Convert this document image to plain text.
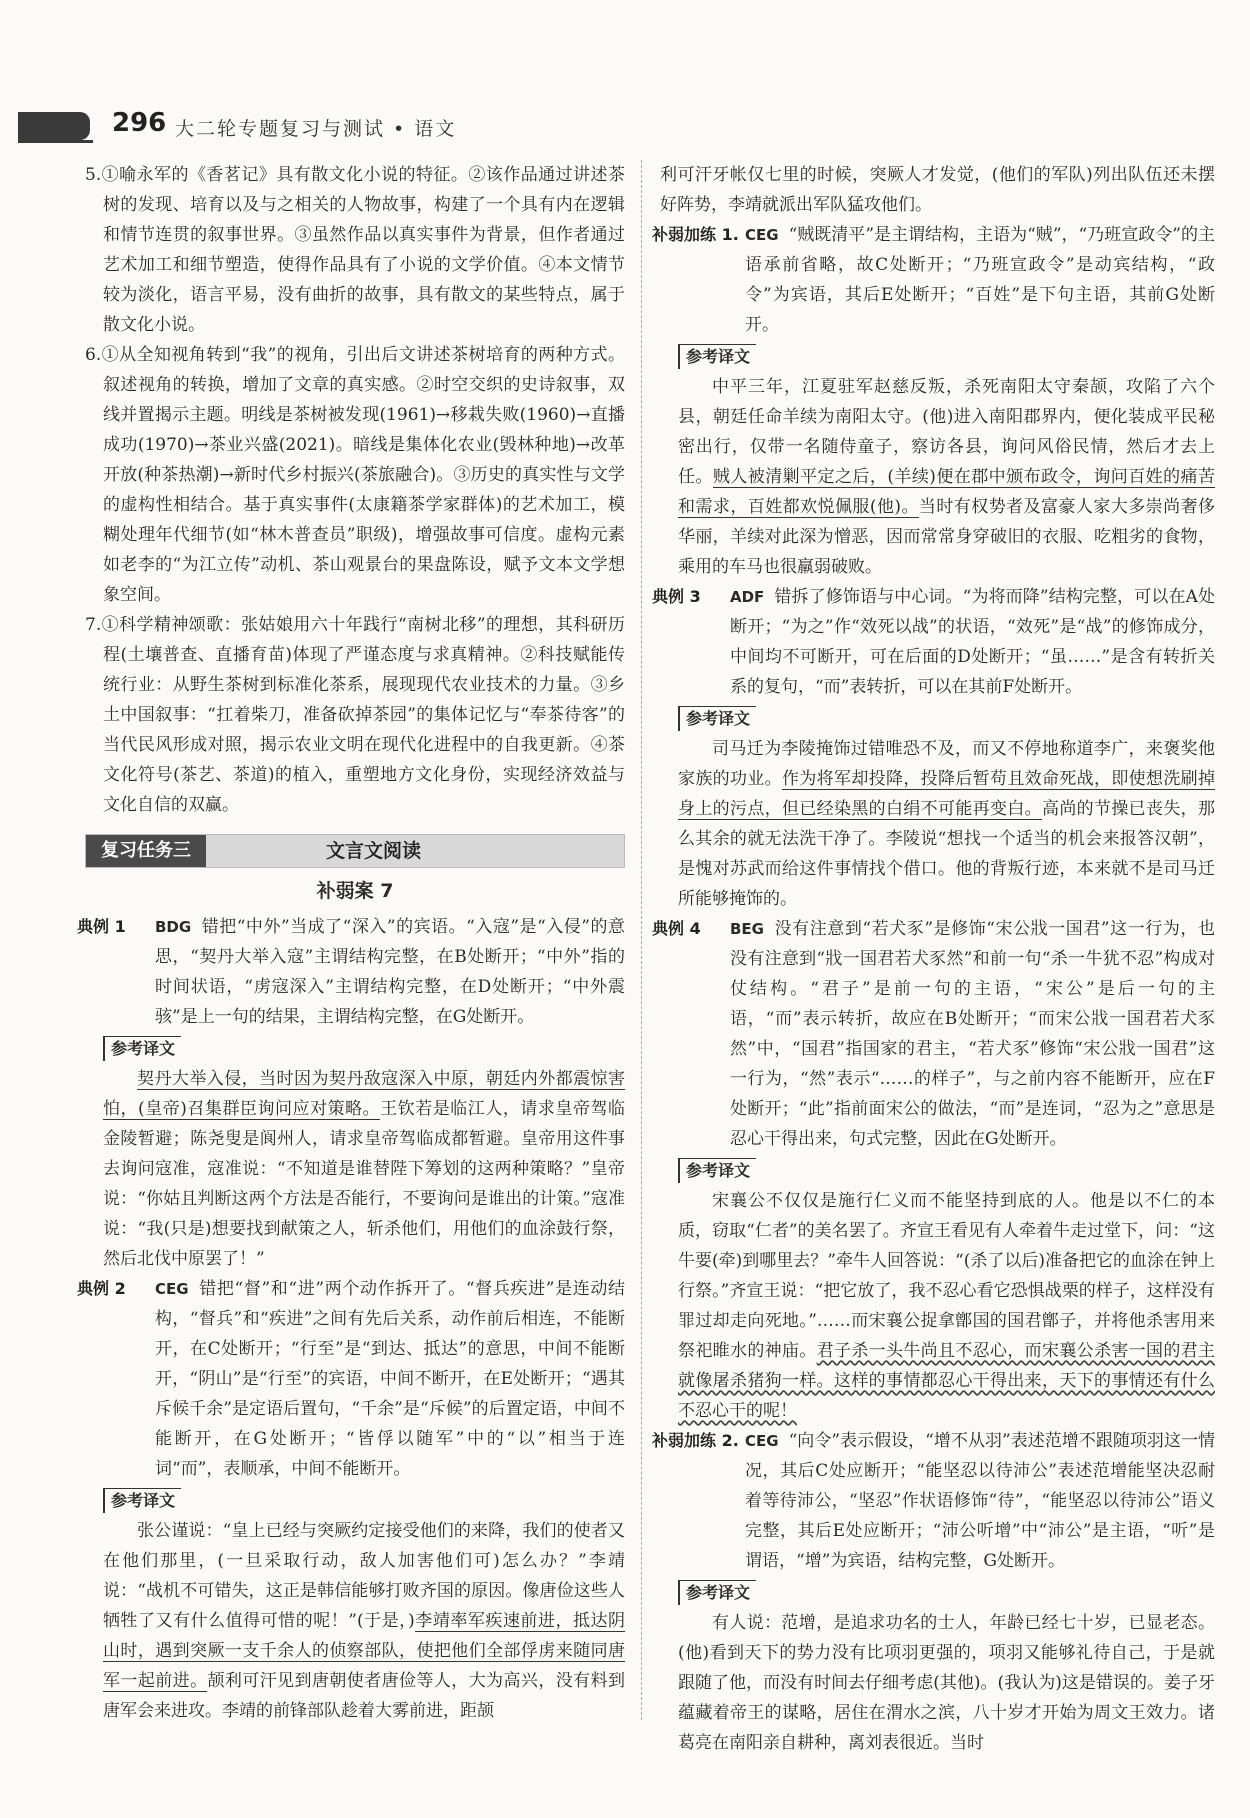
296 大二轮专题复习与测试 • 语文

5.①喻永军的《香茗记》具有散文化小说的特征。②该作品通过讲述茶树的发现、培育以及与之相关的人物故事，构建了一个具有内在逻辑和情节连贯的叙事世界。③虽然作品以真实事件为背景，但作者通过艺术加工和细节塑造，使得作品具有了小说的文学价值。④本文情节较为淡化，语言平易，没有曲折的故事，具有散文的某些特点，属于散文化小说。

6.①从全知视角转到“我”的视角，引出后文讲述茶树培育的两种方式。叙述视角的转换，增加了文章的真实感。②时空交织的史诗叙事，双线并置揭示主题。明线是茶树被发现(1961)→移栽失败(1960)→直播成功(1970)→茶业兴盛(2021)。暗线是集体化农业(毁林种地)→改革开放(种茶热潮)→新时代乡村振兴(茶旅融合)。③历史的真实性与文学的虚构性相结合。基于真实事件(太康籍茶学家群体)的艺术加工，模糊处理年代细节(如“林木普查员”职级)，增强故事可信度。虚构元素如老李的“为江立传”动机、茶山观景台的果盘陈设，赋予文本文学想象空间。

7.①科学精神颂歌：张姑娘用六十年践行“南树北移”的理想，其科研历程(土壤普查、直播育苗)体现了严谨态度与求真精神。②科技赋能传统行业：从野生茶树到标准化茶系，展现现代农业技术的力量。③乡土中国叙事：“扛着柴刀，准备砍掉茶园”的集体记忆与“奉茶待客”的当代民风形成对照，揭示农业文明在现代化进程中的自我更新。④茶文化符号(茶艺、茶道)的植入，重塑地方文化身份，实现经济效益与文化自信的双赢。

复习任务三	文言文阅读
补弱案 7

典例 1 BDG 错把“中外”当成了“深入”的宾语。“入寇”是“入侵”的意思，“契丹大举入寇”主谓结构完整，在B处断开；“中外”指的时间状语，“虏寇深入”主谓结构完整，在D处断开；“中外震骇”是上一句的结果，主谓结构完整，在G处断开。

参考译文

契丹大举入侵，当时因为契丹敌寇深入中原，朝廷内外都震惊害怕，(皇帝)召集群臣询问应对策略。王钦若是临江人，请求皇帝驾临金陵暂避；陈尧叟是阆州人，请求皇帝驾临成都暂避。皇帝用这件事去询问寇准，寇准说：“不知道是谁替陛下筹划的这两种策略？”皇帝说：“你姑且判断这两个方法是否能行，不要询问是谁出的计策。”寇准说：“我(只是)想要找到献策之人，斩杀他们，用他们的血涂鼓行祭，然后北伐中原罢了！”

典例 2 CEG 错把“督”和“进”两个动作拆开了。“督兵疾进”是连动结构，“督兵”和“疾进”之间有先后关系，动作前后相连，不能断开，在C处断开；“行至”是“到达、抵达”的意思，中间不能断开，“阴山”是“行至”的宾语，中间不断开，在E处断开；“遇其斥候千余”是定语后置句，“千余”是“斥候”的后置定语，中间不能断开，在G处断开；“皆俘以随军”中的“以”相当于连词“而”，表顺承，中间不能断开。

参考译文

张公谨说：“皇上已经与突厥约定接受他们的来降，我们的使者又在他们那里，(一旦采取行动，敌人加害他们可)怎么办？”李靖说：“战机不可错失，这正是韩信能够打败齐国的原因。像唐俭这些人牺牲了又有什么值得可惜的呢！”(于是，)李靖率军疾速前进，抵达阴山时，遇到突厥一支千余人的侦察部队，使把他们全部俘虏来随同唐军一起前进。颉利可汗见到唐朝使者唐俭等人，大为高兴，没有料到唐军会来进攻。李靖的前锋部队趁着大雾前进，距颉

利可汗牙帐仅七里的时候，突厥人才发觉，(他们的军队)列出队伍还未摆好阵势，李靖就派出军队猛攻他们。

补弱加练 1. CEG “贼既清平”是主谓结构，主语为“贼”，“乃班宣政令”的主语承前省略，故C处断开；“乃班宣政令”是动宾结构，“政令”为宾语，其后E处断开；“百姓”是下句主语，其前G处断开。

参考译文

中平三年，江夏驻军赵慈反叛，杀死南阳太守秦颉，攻陷了六个县，朝廷任命羊续为南阳太守。(他)进入南阳郡界内，便化装成平民秘密出行，仅带一名随侍童子，察访各县，询问风俗民情，然后才去上任。贼人被清剿平定之后，(羊续)便在郡中颁布政令，询问百姓的痛苦和需求，百姓都欢悦佩服(他)。当时有权势者及富豪人家大多崇尚奢侈华丽，羊续对此深为憎恶，因而常常身穿破旧的衣服、吃粗劣的食物，乘用的车马也很羸弱破败。

典例 3 ADF 错拆了修饰语与中心词。“为将而降”结构完整，可以在A处断开；“为之”作“效死以战”的状语，“效死”是“战”的修饰成分，中间均不可断开，可在后面的D处断开；“虽……”是含有转折关系的复句，“而”表转折，可以在其前F处断开。

参考译文

司马迁为李陵掩饰过错唯恐不及，而又不停地称道李广，来褒奖他家族的功业。作为将军却投降，投降后暂苟且效命死战，即使想洗刷掉身上的污点，但已经染黑的白绢不可能再变白。高尚的节操已丧失，那么其余的就无法洗干净了。李陵说“想找一个适当的机会来报答汉朝”，是愧对苏武而给这件事情找个借口。他的背叛行迹，本来就不是司马迁所能够掩饰的。

典例 4 BEG 没有注意到“若犬豕”是修饰“宋公戕一国君”这一行为，也没有注意到“戕一国君若犬豕然”和前一句“杀一牛犹不忍”构成对仗结构。“君子”是前一句的主语，“宋公”是后一句的主语，“而”表示转折，故应在B处断开；“而宋公戕一国君若犬豕然”中，“国君”指国家的君主，“若犬豕”修饰“宋公戕一国君”这一行为，“然”表示“……的样子”，与之前内容不能断开，应在F处断开；“此”指前面宋公的做法，“而”是连词，“忍为之”意思是忍心干得出来，句式完整，因此在G处断开。

参考译文

宋襄公不仅仅是施行仁义而不能坚持到底的人。他是以不仁的本质，窃取“仁者”的美名罢了。齐宣王看见有人牵着牛走过堂下，问：“这牛要(牵)到哪里去？”牵牛人回答说：“(杀了以后)准备把它的血涂在钟上行祭。”齐宣王说：“把它放了，我不忍心看它恐惧战栗的样子，这样没有罪过却走向死地。”……而宋襄公捉拿鄫国的国君鄫子，并将他杀害用来祭祀睢水的神庙。君子杀一头牛尚且不忍心，而宋襄公杀害一国的君主就像屠杀猪狗一样。这样的事情都忍心干得出来，天下的事情还有什么不忍心干的呢！

补弱加练 2. CEG “向令”表示假设，“增不从羽”表述范增不跟随项羽这一情况，其后C处应断开；“能坚忍以待沛公”表述范增能坚决忍耐着等待沛公，“坚忍”作状语修饰“待”，“能坚忍以待沛公”语义完整，其后E处应断开；“沛公听增”中“沛公”是主语，“听”是谓语，“增”为宾语，结构完整，G处断开。

参考译文

有人说：范增，是追求功名的士人，年龄已经七十岁，已显老态。(他)看到天下的势力没有比项羽更强的，项羽又能够礼待自己，于是就跟随了他，而没有时间去仔细考虑(其他)。(我认为)这是错误的。姜子牙蕴藏着帝王的谋略，居住在渭水之滨，八十岁才开始为周文王效力。诸葛亮在南阳亲自耕种，离刘表很近。当时
